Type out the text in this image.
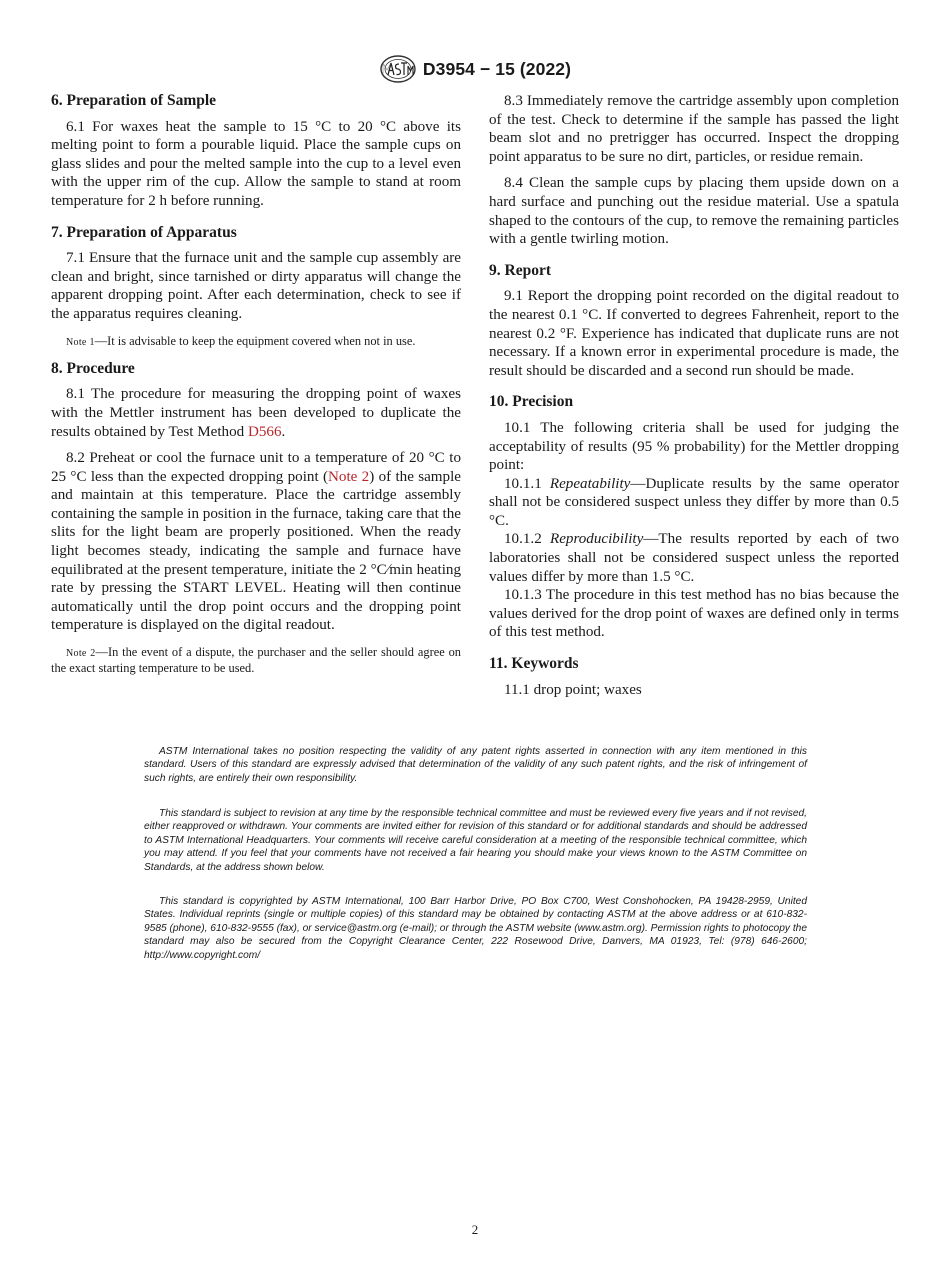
D3954 − 15 (2022)

6. Preparation of Sample

6.1 For waxes heat the sample to 15 °C to 20 °C above its melting point to form a pourable liquid. Place the sample cups on glass slides and pour the melted sample into the cup to a level even with the upper rim of the cup. Allow the sample to stand at room temperature for 2 h before running.

7. Preparation of Apparatus

7.1 Ensure that the furnace unit and the sample cup assembly are clean and bright, since tarnished or dirty apparatus will change the apparent dropping point. After each determination, check to see if the apparatus requires cleaning.

Note 1—It is advisable to keep the equipment covered when not in use.

8. Procedure

8.1 The procedure for measuring the dropping point of waxes with the Mettler instrument has been developed to duplicate the results obtained by Test Method D566.

8.2 Preheat or cool the furnace unit to a temperature of 20 °C to 25 °C less than the expected dropping point (Note 2) of the sample and maintain at this temperature. Place the cartridge assembly containing the sample in position in the furnace, taking care that the slits for the light beam are properly positioned. When the ready light becomes steady, indicating the sample and furnace have equilibrated at the present temperature, initiate the 2 °C∕min heating rate by pressing the START LEVEL. Heating will then continue automatically until the drop point occurs and the dropping point temperature is displayed on the digital readout.

Note 2—In the event of a dispute, the purchaser and the seller should agree on the exact starting temperature to be used.

8.3 Immediately remove the cartridge assembly upon completion of the test. Check to determine if the sample has passed the light beam slot and no pretrigger has occurred. Inspect the dropping point apparatus to be sure no dirt, particles, or residue remain.

8.4 Clean the sample cups by placing them upside down on a hard surface and punching out the residue material. Use a spatula shaped to the contours of the cup, to remove the remaining particles with a gentle twirling motion.

9. Report

9.1 Report the dropping point recorded on the digital readout to the nearest 0.1 °C. If converted to degrees Fahrenheit, report to the nearest 0.2 °F. Experience has indicated that duplicate runs are not necessary. If a known error in experimental procedure is made, the result should be discarded and a second run should be made.

10. Precision

10.1 The following criteria shall be used for judging the acceptability of results (95 % probability) for the Mettler dropping point:

10.1.1 Repeatability—Duplicate results by the same operator shall not be considered suspect unless they differ by more than 0.5 °C.

10.1.2 Reproducibility—The results reported by each of two laboratories shall not be considered suspect unless the reported values differ by more than 1.5 °C.

10.1.3 The procedure in this test method has no bias because the values derived for the drop point of waxes are defined only in terms of this test method.

11. Keywords

11.1 drop point; waxes

ASTM International takes no position respecting the validity of any patent rights asserted in connection with any item mentioned in this standard. Users of this standard are expressly advised that determination of the validity of any such patent rights, and the risk of infringement of such rights, are entirely their own responsibility.

This standard is subject to revision at any time by the responsible technical committee and must be reviewed every five years and if not revised, either reapproved or withdrawn. Your comments are invited either for revision of this standard or for additional standards and should be addressed to ASTM International Headquarters. Your comments will receive careful consideration at a meeting of the responsible technical committee, which you may attend. If you feel that your comments have not received a fair hearing you should make your views known to the ASTM Committee on Standards, at the address shown below.

This standard is copyrighted by ASTM International, 100 Barr Harbor Drive, PO Box C700, West Conshohocken, PA 19428-2959, United States. Individual reprints (single or multiple copies) of this standard may be obtained by contacting ASTM at the above address or at 610-832-9585 (phone), 610-832-9555 (fax), or service@astm.org (e-mail); or through the ASTM website (www.astm.org). Permission rights to photocopy the standard may also be secured from the Copyright Clearance Center, 222 Rosewood Drive, Danvers, MA 01923, Tel: (978) 646-2600; http://www.copyright.com/

2
